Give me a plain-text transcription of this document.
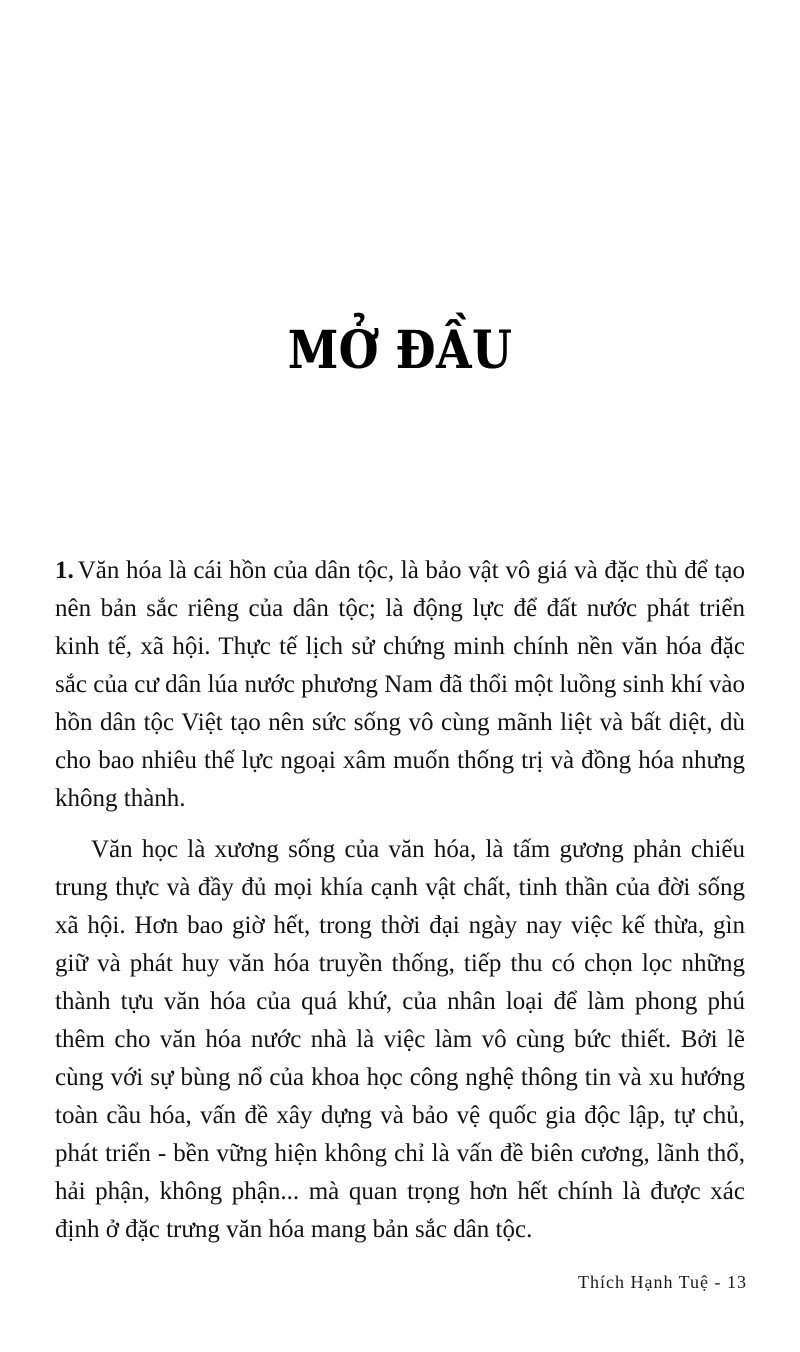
MỞ ĐẦU

1. Văn hóa là cái hồn của dân tộc, là bảo vật vô giá và đặc thù để tạo nên bản sắc riêng của dân tộc; là động lực để đất nước phát triển kinh tế, xã hội. Thực tế lịch sử chứng minh chính nền văn hóa đặc sắc của cư dân lúa nước phương Nam đã thổi một luồng sinh khí vào hồn dân tộc Việt tạo nên sức sống vô cùng mãnh liệt và bất diệt, dù cho bao nhiêu thế lực ngoại xâm muốn thống trị và đồng hóa nhưng không thành.

Văn học là xương sống của văn hóa, là tấm gương phản chiếu trung thực và đầy đủ mọi khía cạnh vật chất, tinh thần của đời sống xã hội. Hơn bao giờ hết, trong thời đại ngày nay việc kế thừa, gìn giữ và phát huy văn hóa truyền thống, tiếp thu có chọn lọc những thành tựu văn hóa của quá khứ, của nhân loại để làm phong phú thêm cho văn hóa nước nhà là việc làm vô cùng bức thiết. Bởi lẽ cùng với sự bùng nổ của khoa học công nghệ thông tin và xu hướng toàn cầu hóa, vấn đề xây dựng và bảo vệ quốc gia độc lập, tự chủ, phát triển - bền vững hiện không chỉ là vấn đề biên cương, lãnh thổ, hải phận, không phận... mà quan trọng hơn hết chính là được xác định ở đặc trưng văn hóa mang bản sắc dân tộc.

Thích Hạnh Tuệ - 13
